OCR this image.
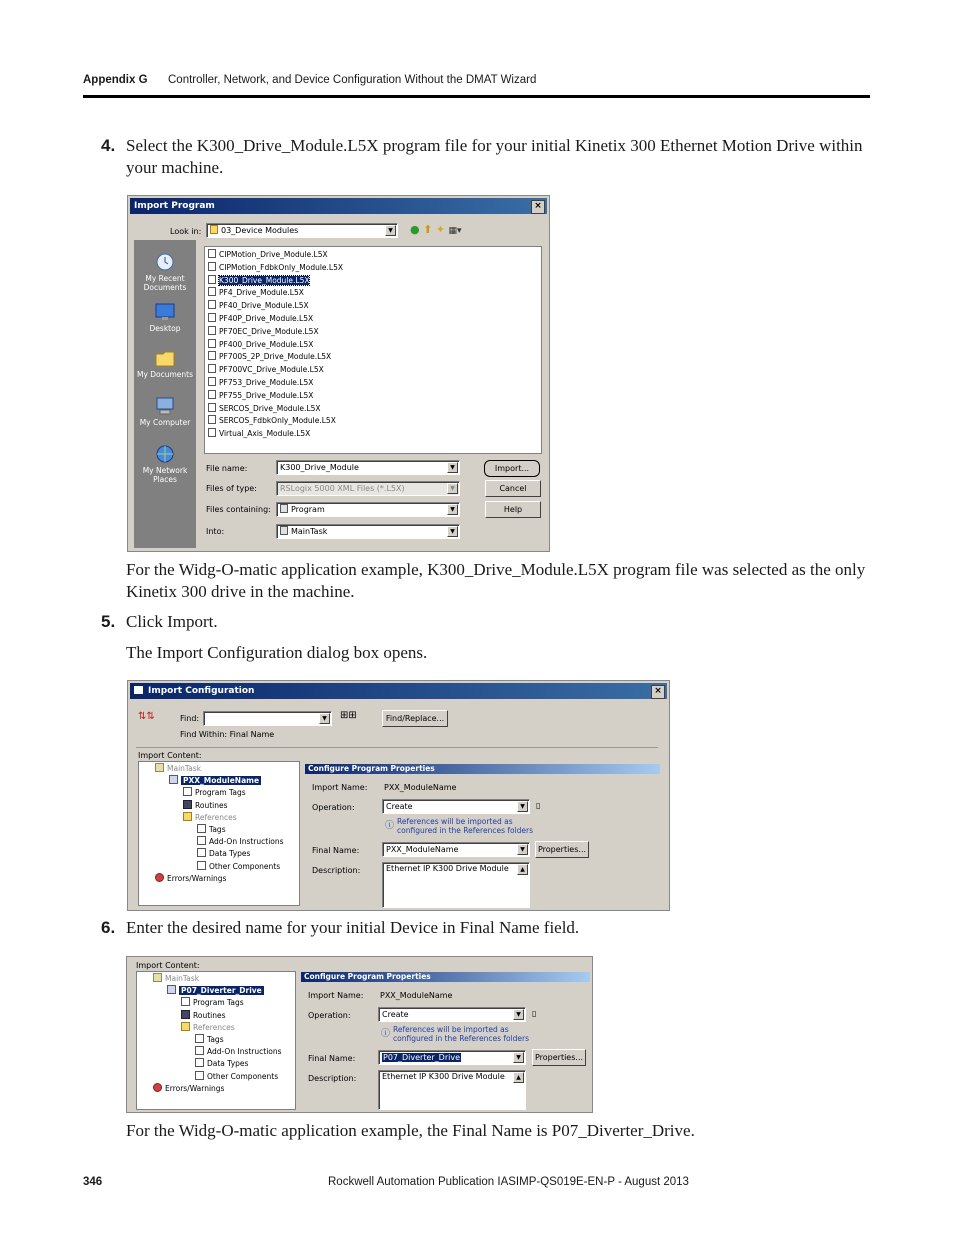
Appendix G Controller, Network, and Device Configuration Without the DMAT Wizard
4. Select the K300_Drive_Module.L5X program file for your initial Kinetix 300 Ethernet Motion Drive within your machine.
Import Program	×
Look in:	03_Device Modules	▼ ● ⬆ ✦ ▦▾
My Recent Documents
Desktop
My Documents
My Computer
My Network Places
CIPMotion_Drive_Module.L5X
CIPMotion_FdbkOnly_Module.L5X
K300_Drive_Module.L5X
PF4_Drive_Module.L5X
PF40_Drive_Module.L5X
PF40P_Drive_Module.L5X
PF70EC_Drive_Module.L5X
PF400_Drive_Module.L5X
PF700S_2P_Drive_Module.L5X
PF700VC_Drive_Module.L5X
PF753_Drive_Module.L5X
PF755_Drive_Module.L5X
SERCOS_Drive_Module.L5X
SERCOS_FdbkOnly_Module.L5X
Virtual_Axis_Module.L5X
File name:	K300_Drive_Module	▼
Files of type:	RSLogix 5000 XML Files (*.L5X)	▼
Files containing:	Program	▼
Into:	MainTask	▼
Import...
Cancel
Help
For the Widg-O-matic application example, K300_Drive_Module.L5X program file was selected as the only Kinetix 300 drive in the machine.
5. Click Import.
The Import Configuration dialog box opens.
Import Configuration	×
⇅⇅	Find:	▼	⊞⊞	Find/Replace...
Find Within: Final Name
Import Content:
MainTask
PXX_ModuleName
Program Tags
Routines
References
Tags
Add-On Instructions
Data Types
Other Components
Errors/Warnings
Configure Program Properties
Import Name: PXX_ModuleName
Operation:	Create	▼	▯
ⓘ References will be imported as configured in the References folders
Final Name:	PXX_ModuleName	▼	Properties...
Description:	Ethernet IP K300 Drive Module	▲
6. Enter the desired name for your initial Device in Final Name field.
Import Content:
MainTask
P07_Diverter_Drive
Program Tags
Routines
References
Tags
Add-On Instructions
Data Types
Other Components
Errors/Warnings
Configure Program Properties
Import Name: PXX_ModuleName
Operation:	Create	▼	▯
ⓘ References will be imported as configured in the References folders
Final Name:	P07_Diverter_Drive	▼	Properties...
Description:	Ethernet IP K300 Drive Module	▲
For the Widg-O-matic application example, the Final Name is P07_Diverter_Drive.
346	Rockwell Automation Publication IASIMP-QS019E-EN-P - August 2013
